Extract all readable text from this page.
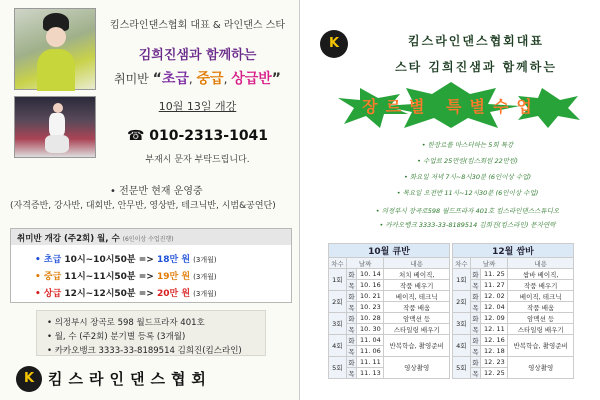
킴스라인댄스협회 대표 & 라인댄스 스타
김희진샘과 함께하는
취미반 “초급, 중급, 상급반”
10월 13일 개강
☎ 010-2313-1041
부재시 문자 부탁드립니다.
• 전문반 현재 운영중
(자격증반, 강사반, 대회반, 안무반, 영상반, 테크닉반, 시범&공연단)
취미반 개강 (주2회) 월, 수 (6인이상 수업진행)
• 초급 10시~10시50분 => 18만 원 (3개월)
• 중급 11시~11시50분 => 19만 원 (3개월)
• 상급 12시~12시50분 => 20만 원 (3개월)
• 의정부시 장곡로 598 월드프라자 401호
• 월, 수 (주2회) 분기별 등록 (3개월)
• 카카오뱅크 3333-33-8189514 김희진(킴스라인)
K 킴스라인댄스협회
K	킴스라인댄스협회대표
스타 김희진샘과 함께하는
장르별 특별수업
• 한장르를 마스터하는 5회 특강
• 수업료 25만원(킴스회원 22만원)
• 화요일 저녁 7시~8시30분 (6인이상 수업)
• 목요일 오전반 11시~12시30분 (6인이상 수업)
• 의정부시 장곡로598 월드프라자 401호 킴스라인댄스스튜디오
• 카카오뱅크 3333-33-8189514 김희진(킴스라인) 문자연락
10월 큐반			
차수	날짜		내용
1회	화	10. 14	처치 베이직,
	목	10. 16	작품 배우기
2회	화	10. 21	베이직, 테크닉
	목	10. 23	작품 배움
3회	화	10. 28	암맥션 등
	목	10. 30	스타일링 배우기
4회	화	11. 04	반복학습, 촬영준비
	목	11. 06	
5회	화	11. 11	영상촬영
	목	11. 13	
12월 쌈바			
차수	날짜		내용
1회	화	11. 25	쌈바 베이직,
	목	11. 27	작품 배우기
2회	화	12. 02	베이직, 테크닉
	목	12. 04	작품 배움
3회	화	12. 09	암맥션 등
	목	12. 11	스타일링 배우기
4회	화	12. 16	반복학습, 촬영준비
	목	12. 18	
5회	화	12. 23	영상촬영
	목	12. 25	
